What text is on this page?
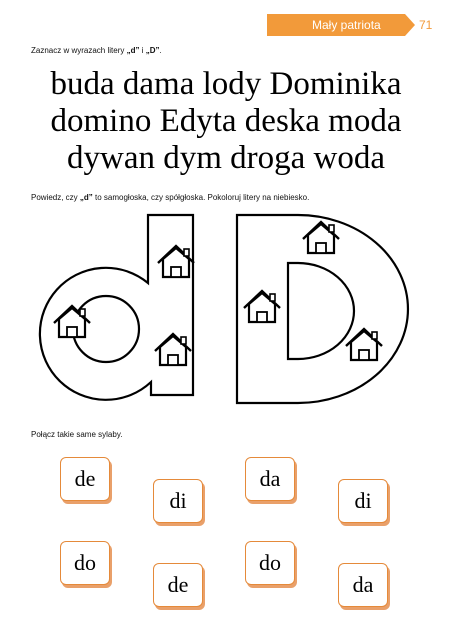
Mały patriota	71
Zaznacz w wyrazach litery „d” i „D”.
buda dama lody Dominika
domino Edyta deska moda
dywan dym droga woda
Powiedz, czy „d” to samogłoska, czy spółgłoska. Pokoloruj litery na niebiesko.
Połącz takie same sylaby.
de
di
da
di
do
de
do
da
